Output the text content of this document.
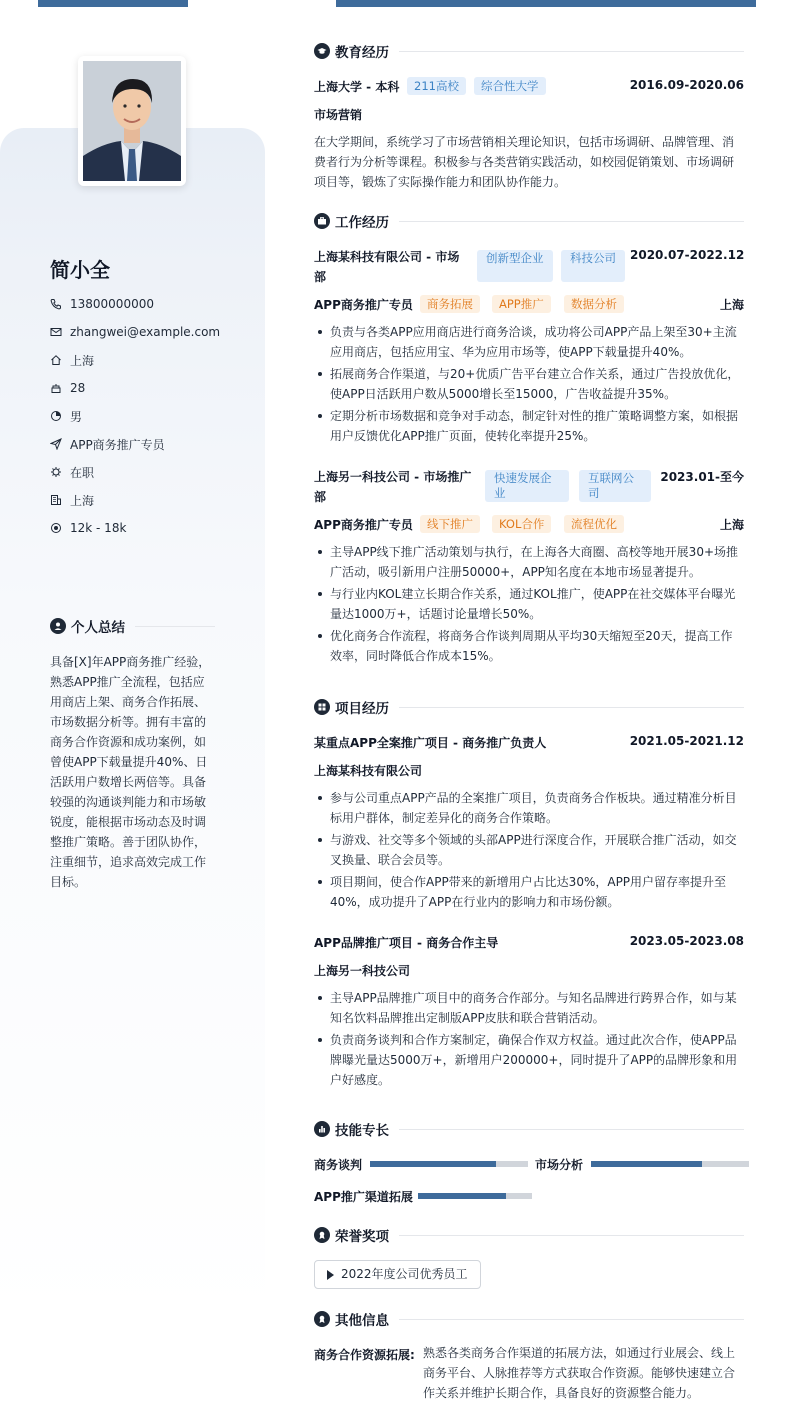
简小全
13800000000
zhangwei@example.com
上海
28
男
APP商务推广专员
在职
上海
12k - 18k
个人总结
具备[X]年APP商务推广经验，熟悉APP推广全流程，包括应用商店上架、商务合作拓展、市场数据分析等。拥有丰富的商务合作资源和成功案例，如曾使APP下载量提升40%、日活跃用户数增长两倍等。具备较强的沟通谈判能力和市场敏锐度，能根据市场动态及时调整推广策略。善于团队协作，注重细节，追求高效完成工作目标。
教育经历
上海大学 - 本科	211高校	综合性大学	2016.09-2020.06
市场营销
在大学期间，系统学习了市场营销相关理论知识，包括市场调研、品牌管理、消费者行为分析等课程。积极参与各类营销实践活动，如校园促销策划、市场调研项目等，锻炼了实际操作能力和团队协作能力。
工作经历
上海某科技有限公司 - 市场
部
创新型企业	科技公司	2020.07-2022.12
APP商务推广专员	商务拓展	APP推广	数据分析	上海
负责与各类APP应用商店进行商务洽谈，成功将公司APP产品上架至30+主流应用商店，包括应用宝、华为应用市场等，使APP下载量提升40%。
拓展商务合作渠道，与20+优质广告平台建立合作关系，通过广告投放优化，使APP日活跃用户数从5000增长至15000，广告收益提升35%。
定期分析市场数据和竞争对手动态，制定针对性的推广策略调整方案，如根据用户反馈优化APP推广页面，使转化率提升25%。
上海另一科技公司 - 市场推广
部
快速发展企业
互联网公司
2023.01-至今
APP商务推广专员	线下推广	KOL合作	流程优化	上海
主导APP线下推广活动策划与执行，在上海各大商圈、高校等地开展30+场推广活动，吸引新用户注册50000+，APP知名度在本地市场显著提升。
与行业内KOL建立长期合作关系，通过KOL推广，使APP在社交媒体平台曝光量达1000万+，话题讨论量增长50%。
优化商务合作流程，将商务合作谈判周期从平均30天缩短至20天，提高工作效率，同时降低合作成本15%。
项目经历
某重点APP全案推广项目 - 商务推广负责人	2021.05-2021.12
上海某科技有限公司
参与公司重点APP产品的全案推广项目，负责商务合作板块。通过精准分析目标用户群体，制定差异化的商务合作策略。
与游戏、社交等多个领域的头部APP进行深度合作，开展联合推广活动，如交叉换量、联合会员等。
项目期间，使合作APP带来的新增用户占比达30%，APP用户留存率提升至40%，成功提升了APP在行业内的影响力和市场份额。
APP品牌推广项目 - 商务合作主导	2023.05-2023.08
上海另一科技公司
主导APP品牌推广项目中的商务合作部分。与知名品牌进行跨界合作，如与某知名饮料品牌推出定制版APP皮肤和联合营销活动。
负责商务谈判和合作方案制定，确保合作双方权益。通过此次合作，使APP品牌曝光量达5000万+，新增用户200000+，同时提升了APP的品牌形象和用户好感度。
技能专长
商务谈判	市场分析
APP推广渠道拓展
荣誉奖项
2022年度公司优秀员工
其他信息
商务合作资源拓展: 熟悉各类商务合作渠道的拓展方法，如通过行业展会、线上商务平台、人脉推荐等方式获取合作资源。能够快速建立合作关系并维护长期合作，具备良好的资源整合能力。
